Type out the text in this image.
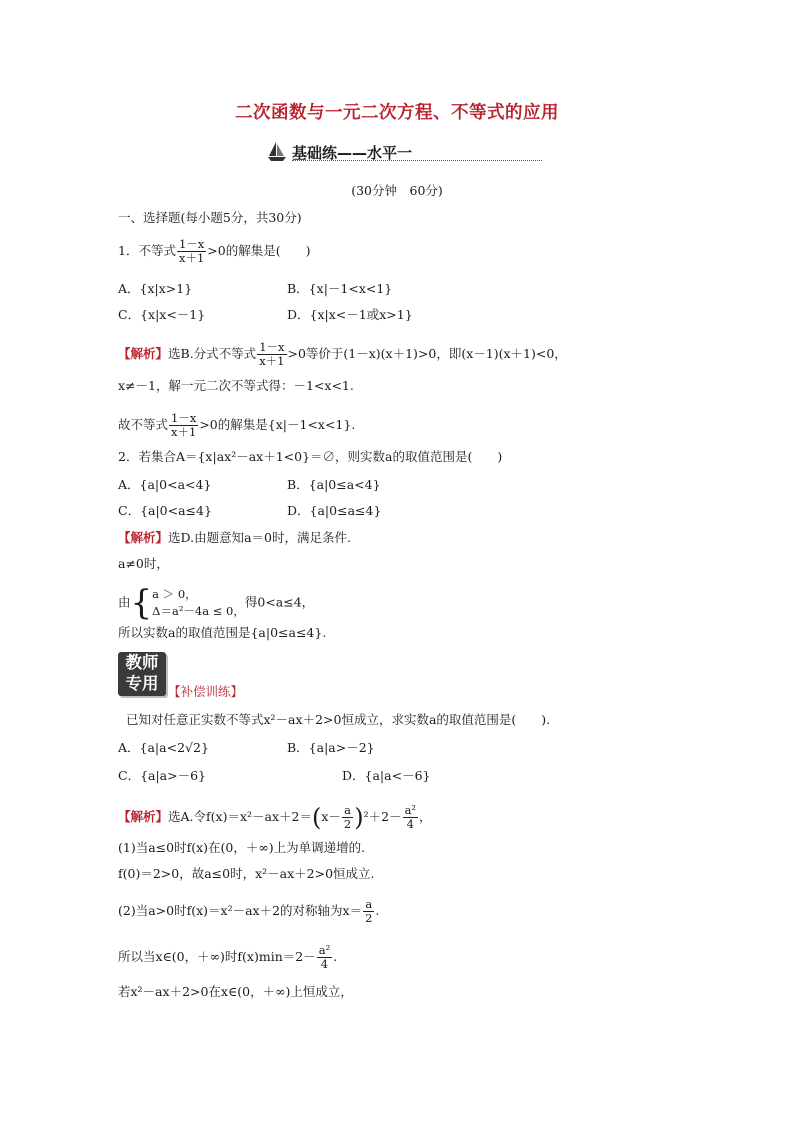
二次函数与一元二次方程、不等式的应用
基础练——水平一
(30分钟　60分)
一、选择题(每小题5分，共30分)
1．不等式 $\frac{1-x}{x+1} >0$的解集是(　　)
A．{x|x>1}	B．{x|－1<x<1}
C．{x|x<－1}	D．{x|x<－1或x>1}
【解析】选B.分式不等式 $\frac{1-x}{x+1} >0$等价于(1－x)(x＋1)>0，即(x－1)(x＋1)<0，
x≠－1，解一元二次不等式得：－1<x<1.
故不等式 $\frac{1-x}{x+1} >0$的解集是{x|－1<x<1}.
2．若集合A＝{x|ax²－ax＋1<0}＝∅，则实数a的取值范围是(　　)
A．{a|0<a<4}	B．{a|0≤a<4}
C．{a|0<a≤4}	D．{a|0≤a≤4}
【解析】选D.由题意知a＝0时，满足条件.
a≠0时，
由{ a ＞ 0，
Δ＝a²－4a ≤ 0，
得0<a≤4，
所以实数a的取值范围是{a|0≤a≤4}.
教师
专用 【补偿训练】
已知对任意正实数不等式x²－ax＋2>0恒成立，求实数a的取值范围是(　　).
A．{a|a<2√2}	B．{a|a>－2}
C．{a|a>－6}	D．{a|a<－6}
【解析】选A.令$f(x)=x^2-ax+2=(x- \frac{a}{2} )^2+2- \frac{\text{a²}}{4}$ ，
(1)当a≤0时f(x)在(0，＋∞)上为单调递增的.
f(0)＝2>0，故a≤0时，x²－ax＋2>0恒成立.
(2)当a>0时f(x)＝x²－ax＋2的对称轴为$x= \frac{a}{2}$ .
所以当x∈(0，＋∞)时$f(x)\min=2- \frac{\text{a²}}{4}$ .
若x²－ax＋2>0在x∈(0，＋∞)上恒成立，
